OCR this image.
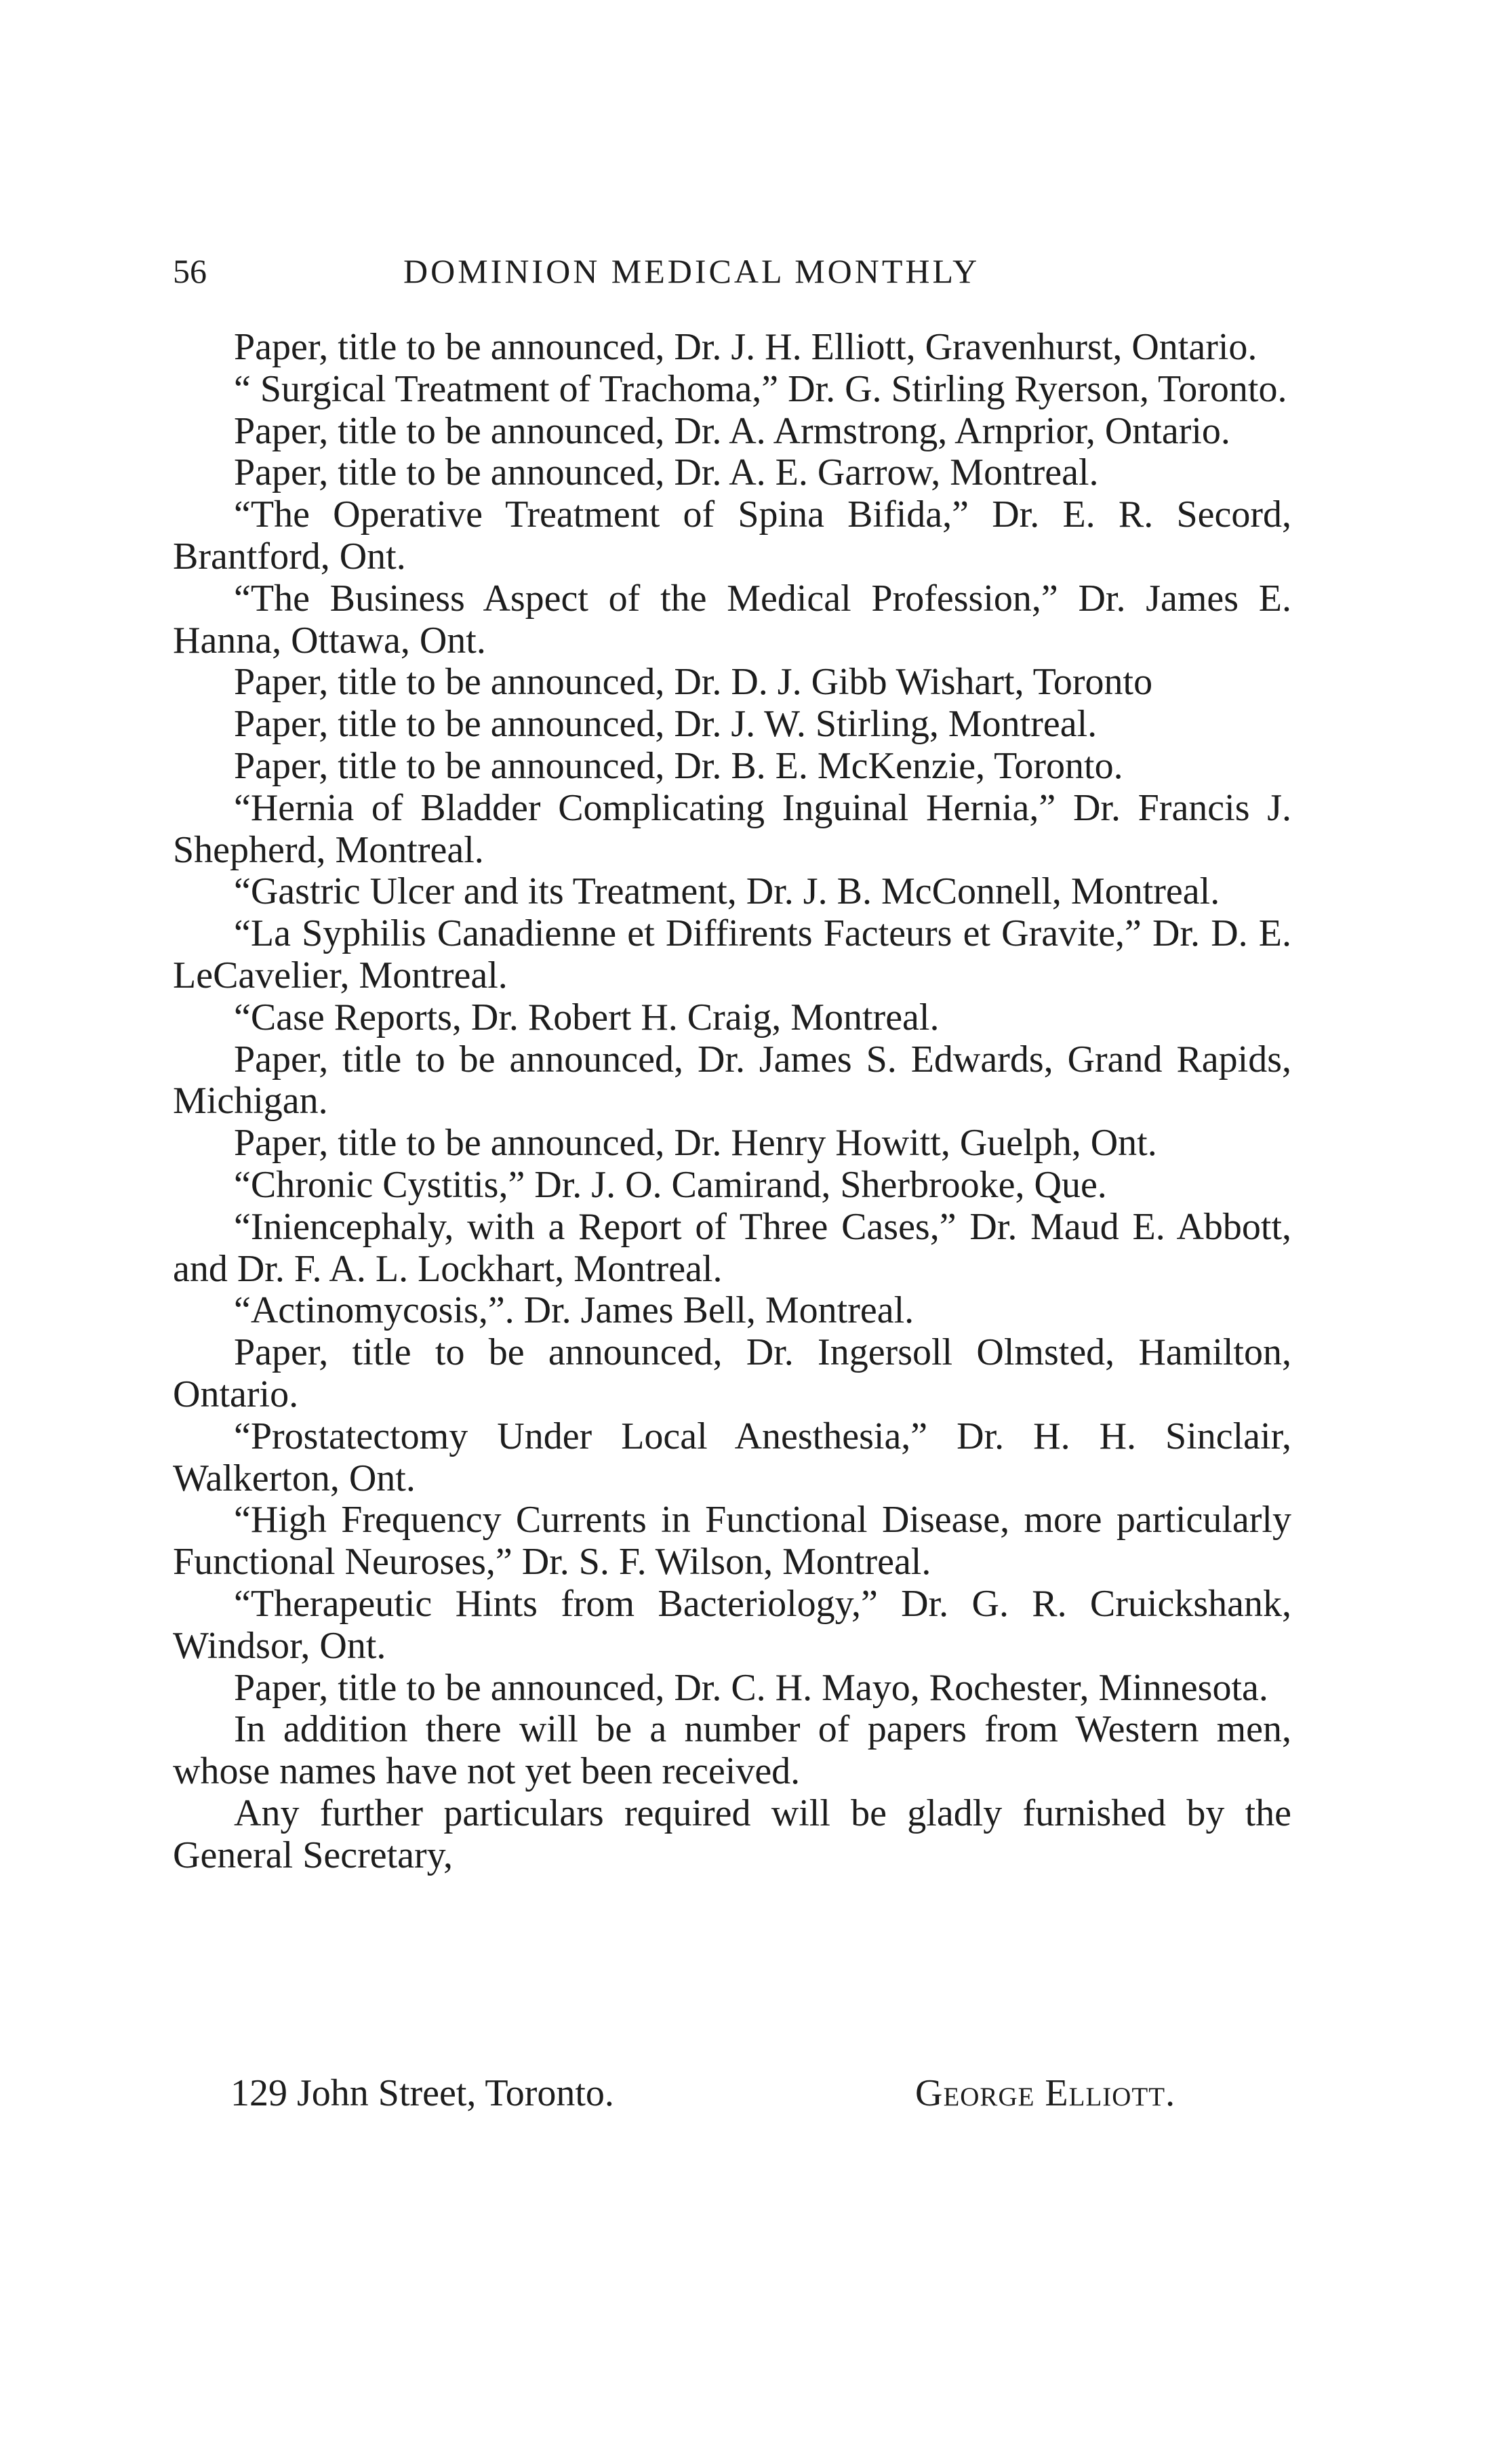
56	DOMINION MEDICAL MONTHLY

Paper, title to be announced, Dr. J. H. Elliott, Gravenhurst, Ontario.

“ Surgical Treatment of Trachoma,” Dr. G. Stirling Ryerson, Toronto.

Paper, title to be announced, Dr. A. Armstrong, Arnprior, Ontario.

Paper, title to be announced, Dr. A. E. Garrow, Montreal.

“The Operative Treatment of Spina Bifida,” Dr. E. R. Secord, Brantford, Ont.

“The Business Aspect of the Medical Profession,” Dr. James E. Hanna, Ottawa, Ont.

Paper, title to be announced, Dr. D. J. Gibb Wishart, Toronto

Paper, title to be announced, Dr. J. W. Stirling, Montreal.

Paper, title to be announced, Dr. B. E. McKenzie, Toronto.

“Hernia of Bladder Complicating Inguinal Hernia,” Dr. Francis J. Shepherd, Montreal.

“Gastric Ulcer and its Treatment, Dr. J. B. McConnell, Montreal.

“La Syphilis Canadienne et Diffirents Facteurs et Gravite,” Dr. D. E. LeCavelier, Montreal.

“Case Reports, Dr. Robert H. Craig, Montreal.

Paper, title to be announced, Dr. James S. Edwards, Grand Rapids, Michigan.

Paper, title to be announced, Dr. Henry Howitt, Guelph, Ont.

“Chronic Cystitis,” Dr. J. O. Camirand, Sherbrooke, Que.

“Iniencephaly, with a Report of Three Cases,” Dr. Maud E. Abbott, and Dr. F. A. L. Lockhart, Montreal.

“Actinomycosis,”. Dr. James Bell, Montreal.

Paper, title to be announced, Dr. Ingersoll Olmsted, Hamilton, Ontario.

“Prostatectomy Under Local Anesthesia,” Dr. H. H. Sinclair, Walkerton, Ont.

“High Frequency Currents in Functional Disease, more particularly Functional Neuroses,” Dr. S. F. Wilson, Montreal.

“Therapeutic Hints from Bacteriology,” Dr. G. R. Cruickshank, Windsor, Ont.

Paper, title to be announced, Dr. C. H. Mayo, Rochester, Minnesota.

In addition there will be a number of papers from Western men, whose names have not yet been received.

Any further particulars required will be gladly furnished by the General Secretary,

129 John Street, Toronto.	George Elliott.
